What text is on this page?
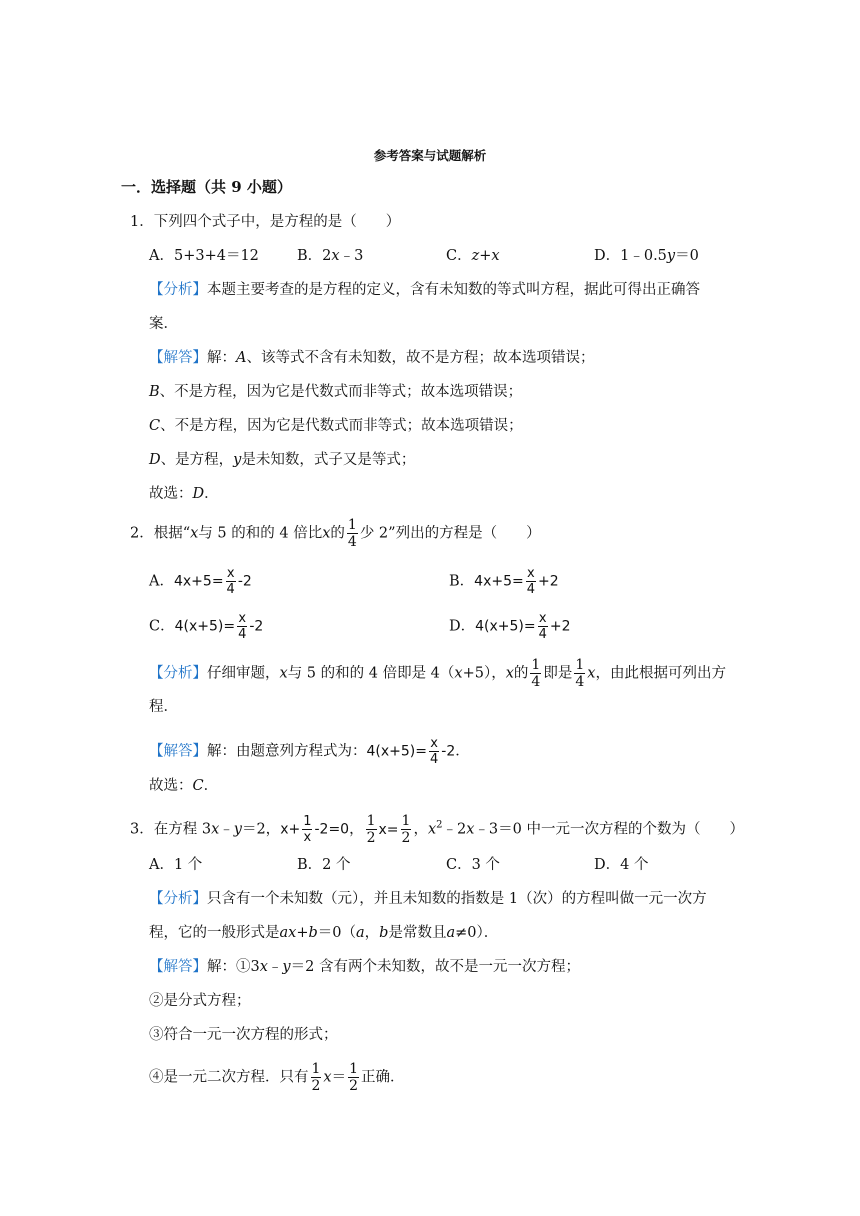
参考答案与试题解析
一．选择题（共 9 小题）
1．下列四个式子中，是方程的是（　　）
A．5+3+4＝12	B．2x﹣3	C．z+x	D．1﹣0.5y＝0
【分析】本题主要考查的是方程的定义，含有未知数的等式叫方程，据此可得出正确答
案．
【解答】解：A、该等式不含有未知数，故不是方程；故本选项错误；
B、不是方程，因为它是代数式而非等式；故本选项错误；
C、不是方程，因为它是代数式而非等式；故本选项错误；
D、是方程，y是未知数，式子又是等式；
故选：D．
2．根据“x与 5 的和的 4 倍比x的 $\frac{1}{4}$ 少 2”列出的方程是（　　）
A．$4x+5= \frac{x}{4} -2$	B．$4x+5= \frac{x}{4} +2$
C．$4(x+5)= \frac{x}{4} -2$	D．$4(x+5)= \frac{x}{4} +2$
【分析】仔细审题，x与 5 的和的 4 倍即是 4（x+5），x的 $\frac{1}{4}$ 即是 $\frac{1}{4}$ x，由此根据可列出方
程．
【解答】解：由题意列方程式为：$4(x+5)= \frac{x}{4} -2$．
故选：C．
3．在方程 3x﹣y＝2，$x+ \frac{1}{x} -2=0$， $\frac{1}{2} x= \frac{1}{2}$ ，$x^2﹣2x﹣3=0$ 中一元一次方程的个数为（　　）
A．1 个	B．2 个	C．3 个	D．4 个
【分析】只含有一个未知数（元），并且未知数的指数是 1（次）的方程叫做一元一次方
程，它的一般形式是ax+b＝0（a，b是常数且a≠0）．
【解答】解：①3x﹣y＝2 含有两个未知数，故不是一元一次方程；
②是分式方程；
③符合一元一次方程的形式；
④是一元二次方程．只有 $\frac{1}{2} x= \frac{1}{2}$ 正确．
